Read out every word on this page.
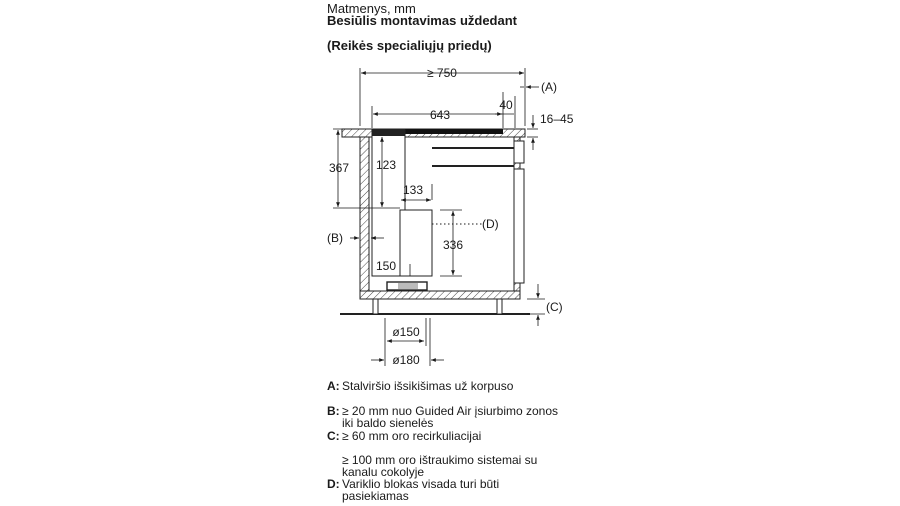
Matmenys, mm
Besiūlis montavimas uždedant
(Reikės specialiųjų priedų)
≥ 750
643
40
16–45
367 123
133
336
150
ø150
ø180
(A)
(B)
(C)
(D)
A: Stalviršio išsikišimas už korpuso
B: ≥ 20 mm nuo Guided Air įsiurbimo zonos
iki baldo sienelės
C: ≥ 60 mm oro recirkuliacijai
≥ 100 mm oro ištraukimo sistemai su
kanalu cokolyje
D: Variklio blokas visada turi būti
pasiekiamas
